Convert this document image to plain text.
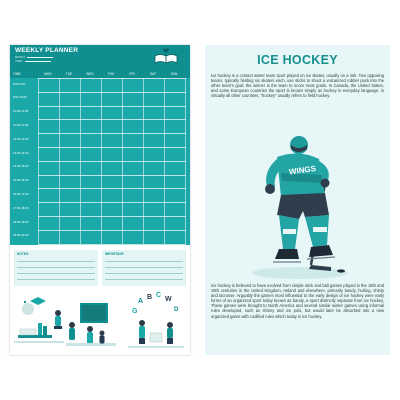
WEEKLY PLANNER
MONTH:
YEAR:
TIME	MON	TUE	WED	THU	FRI	SAT	SUN
8:00-9:00
9:00-10:00
10:00-11:00
11:00-12:00
12:00-13:00
13:00-14:00
14:00-15:00
15:00-16:00
16:00-17:00
17:00-18:00
18:00-19:00
19:00-20:00
NOTES:	IMPORTANT:
A
B C
W
G	D
ICE HOCKEY

Ice hockey is a contact winter team sport played on ice skates, usually on a rink. Two opposing teams, typically fielding six skaters each, use sticks to shoot a vulcanized rubber puck into the other team's goal; the winner is the team to score most goals. In Canada, the United States, and some European countries the sport is known simply as hockey in everyday language; in virtually all other countries, "hockey" usually refers to field hockey.

WINGS

Ice hockey is believed to have evolved from simple stick and ball games played in the 18th and 19th centuries in the United Kingdom, Ireland and elsewhere, primarily bandy, hurling, shinty and lacrosse. Arguably the games most influential to the early design of ice hockey were early forms of an organized sport today known as bandy, a sport distinctly separate from ice hockey. These games were brought to North America and several similar winter games using informal rules developed, such as shinny and ice polo, but would later be absorbed into a new organized game with codified rules which today is ice hockey.
